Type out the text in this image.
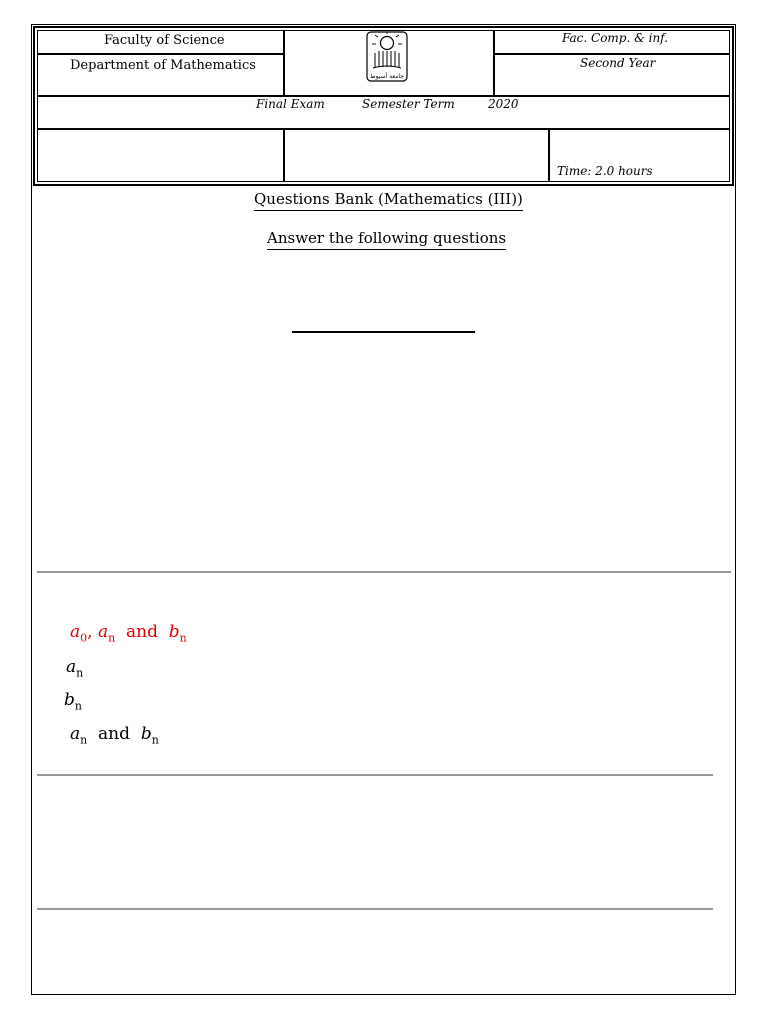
Faculty of Science
Department of Mathematics
Fac. Comp. & inf.
Second Year
Final Exam	Semester Term	2020
Time: 2.0 hours
جامعة أسيوط
Questions Bank (Mathematics (III))
Answer the following questions
$a_0$, $a_n$ and $b_n$
$a_n$
$b_n$
$a_n$ and $b_n$
